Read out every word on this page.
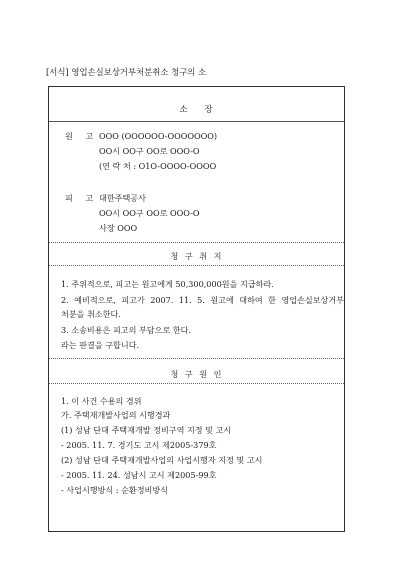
[서식] 영업손실보상거부처분취소 청구의 소
소 장
원 고 OOO (OOOOOO-OOOOOOO)
OO시 OO구 OO로 OOO-O
(연 락 처 : O1O-OOOO-OOOO
피 고 대한주택공사
OO시 OO구 OO로 OOO-O
사장 OOO
청 구 취 지
1. 주위적으로, 피고는 원고에게 50,300,000원을 지급하라.
2. 예비적으로, 피고가 2007. 11. 5. 원고에 대하여 한 영업손실보상거부
처분을 취소한다.
3. 소송비용은 피고의 부담으로 한다.
라는 판결을 구합니다.
청 구 원 인
1. 이 사건 수용의 경위
가. 주택재개발사업의 시행경과
(1) 성남 단대 주택재개발 정비구역 지정 및 고시
- 2005. 11. 7. 경기도 고시 제2005-379호
(2) 성남 단대 주택재개발사업의 사업시행자 지정 및 고시
- 2005. 11. 24. 성남시 고시 제2005-99호
- 사업시행방식 : 순환정비방식
